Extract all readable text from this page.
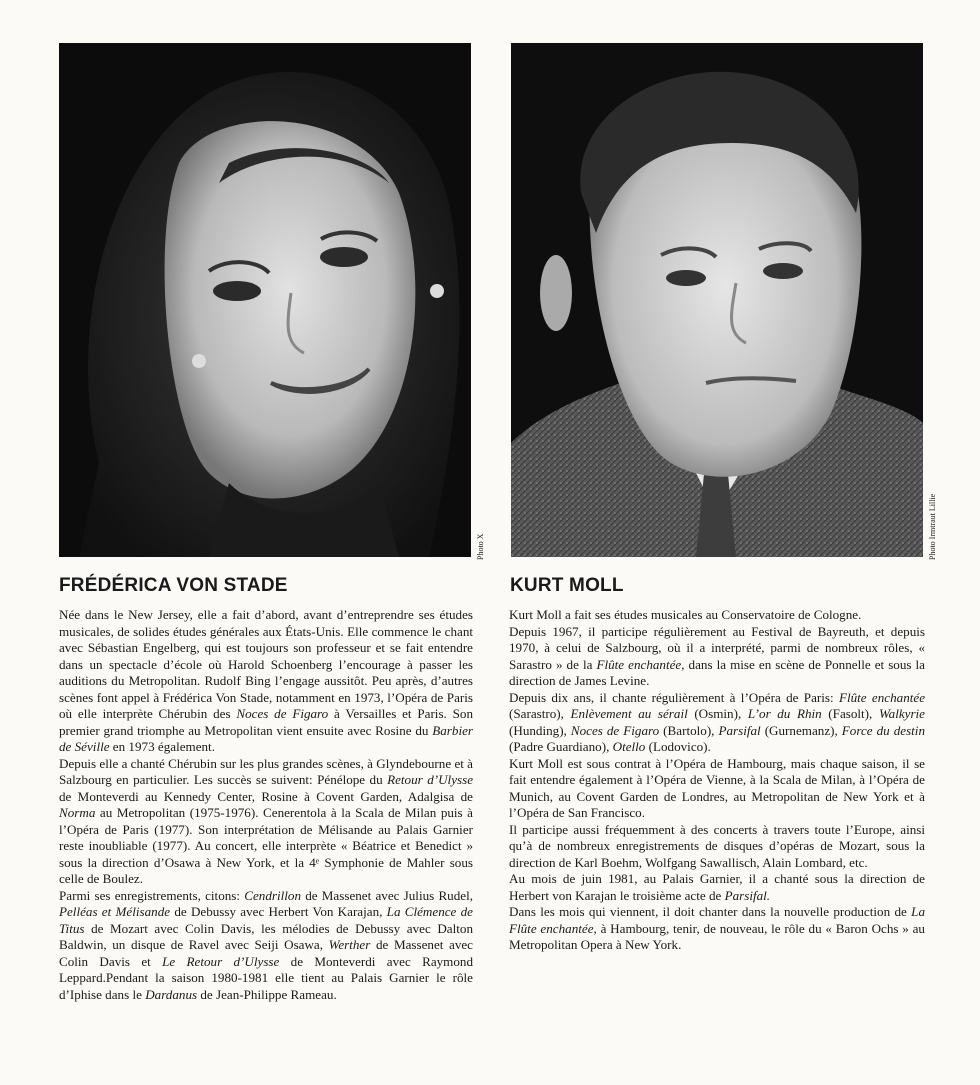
Photo X	Photo Irmtraut Lillie
FRÉDÉRICA VON STADE	KURT MOLL

Née dans le New Jersey, elle a fait d’abord, avant d’entreprendre ses études musicales, de solides études générales aux États-Unis. Elle commence le chant avec Sébastian Engelberg, qui est toujours son professeur et se fait entendre dans un spectacle d’école où Harold Schoenberg l’encourage à passer les auditions du Metropolitan. Rudolf Bing l’engage aussitôt. Peu après, d’autres scènes font appel à Frédérica Von Stade, notamment en 1973, l’Opéra de Paris où elle interprète Chérubin des Noces de Figaro à Versailles et Paris. Son premier grand triomphe au Metropolitan vient ensuite avec Rosine du Barbier de Séville en 1973 également.

Depuis elle a chanté Chérubin sur les plus grandes scènes, à Glyndebourne et à Salzbourg en particulier. Les succès se suivent: Pénélope du Retour d’Ulysse de Monteverdi au Kennedy Center, Rosine à Covent Garden, Adalgisa de Norma au Metropolitan (1975-1976). Cenerentola à la Scala de Milan puis à l’Opéra de Paris (1977). Son interprétation de Mélisande au Palais Garnier reste inoubliable (1977). Au concert, elle interprète « Béatrice et Benedict » sous la direction d’Osawa à New York, et la 4ᵉ Symphonie de Mahler sous celle de Boulez.

Parmi ses enregistrements, citons: Cendrillon de Massenet avec Julius Rudel, Pelléas et Mélisande de Debussy avec Herbert Von Karajan, La Clémence de Titus de Mozart avec Colin Davis, les mélodies de Debussy avec Dalton Baldwin, un disque de Ravel avec Seiji Osawa, Werther de Massenet avec Colin Davis et Le Retour d’Ulysse de Monteverdi avec Raymond Leppard.Pendant la saison 1980-1981 elle tient au Palais Garnier le rôle d’Iphise dans le Dardanus de Jean-Philippe Rameau.

Kurt Moll a fait ses études musicales au Conservatoire de Cologne.

Depuis 1967, il participe régulièrement au Festival de Bayreuth, et depuis 1970, à celui de Salzbourg, où il a interprété, parmi de nombreux rôles, « Sarastro » de la Flûte enchantée, dans la mise en scène de Ponnelle et sous la direction de James Levine.

Depuis dix ans, il chante régulièrement à l’Opéra de Paris: Flûte enchantée (Sarastro), Enlèvement au sérail (Osmin), L’or du Rhin (Fasolt), Walkyrie (Hunding), Noces de Figaro (Bartolo), Parsifal (Gurnemanz), Force du destin (Padre Guardiano), Otello (Lodovico).

Kurt Moll est sous contrat à l’Opéra de Hambourg, mais chaque saison, il se fait entendre également à l’Opéra de Vienne, à la Scala de Milan, à l’Opéra de Munich, au Covent Garden de Londres, au Metropolitan de New York et à l’Opéra de San Francisco.

Il participe aussi fréquemment à des concerts à travers toute l’Europe, ainsi qu’à de nombreux enregistrements de disques d’opéras de Mozart, sous la direction de Karl Boehm, Wolfgang Sawallisch, Alain Lombard, etc.

Au mois de juin 1981, au Palais Garnier, il a chanté sous la direction de Herbert von Karajan le troisième acte de Parsifal.

Dans les mois qui viennent, il doit chanter dans la nouvelle production de La Flûte enchantée, à Hambourg, tenir, de nouveau, le rôle du « Baron Ochs » au Metropolitan Opera à New York.
